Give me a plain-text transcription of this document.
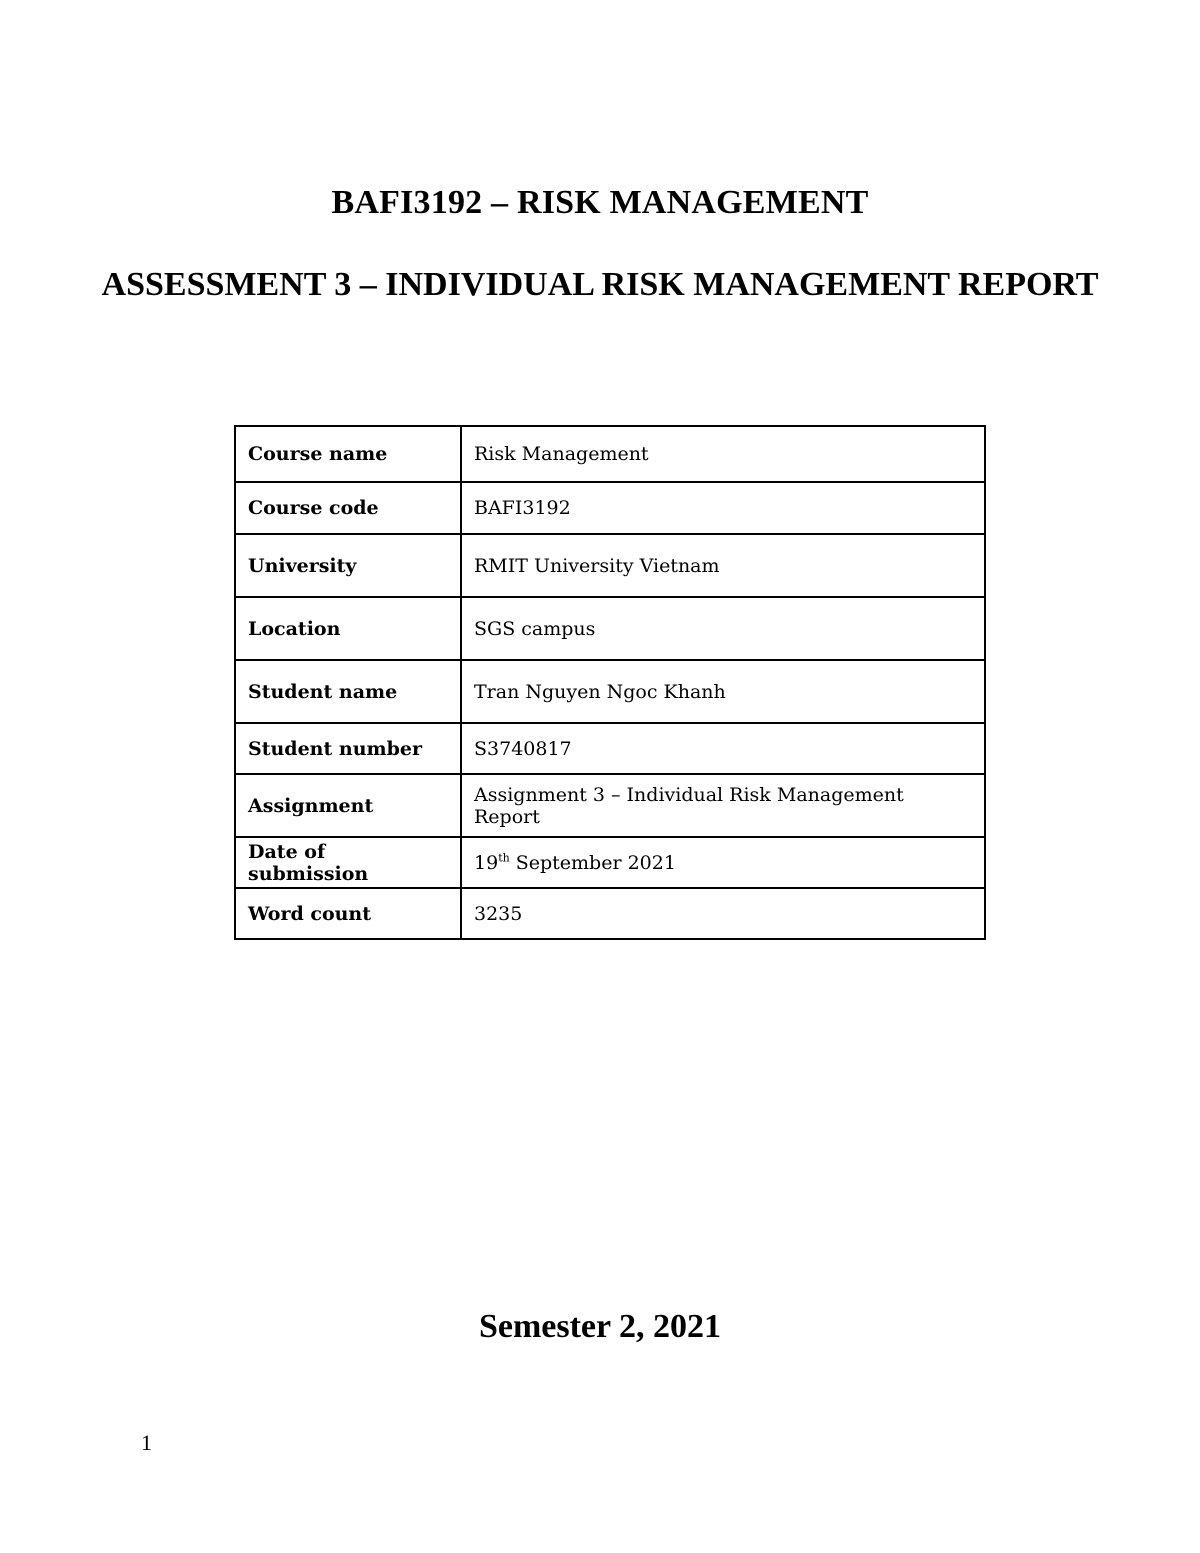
BAFI3192 – RISK MANAGEMENT
ASSESSMENT 3 – INDIVIDUAL RISK MANAGEMENT REPORT
Course name	Risk Management
Course code	BAFI3192
University	RMIT University Vietnam
Location	SGS campus
Student name	Tran Nguyen Ngoc Khanh
Student number	S3740817
Assignment	Assignment 3 – Individual Risk Management Report
Date of submission	19th September 2021
Word count	3235
Semester 2, 2021
1
